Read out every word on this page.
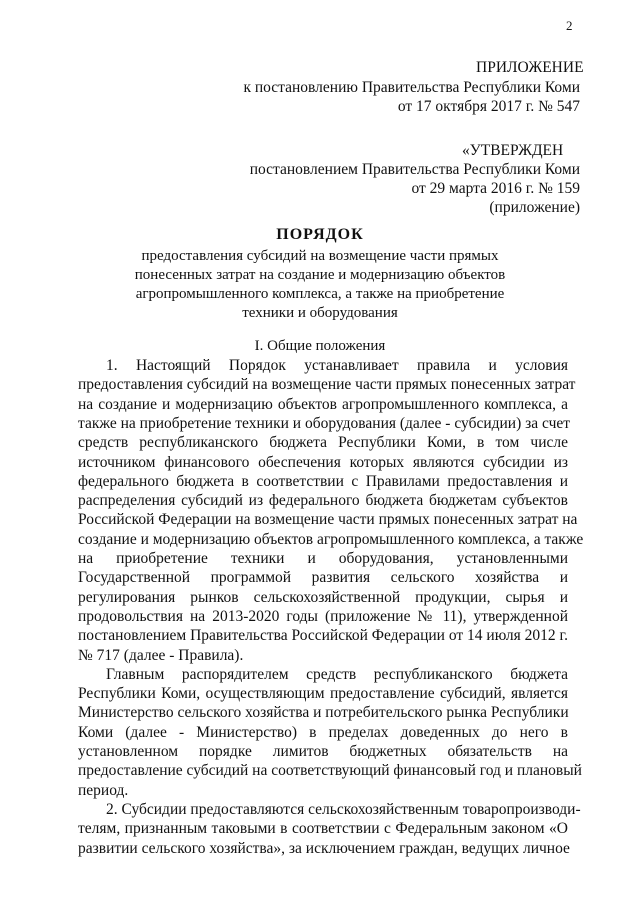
2
ПРИЛОЖЕНИЕ
к постановлению Правительства Республики Коми
от 17 октября 2017 г. № 547
«УТВЕРЖДЕН
постановлением Правительства Республики Коми
от 29 марта 2016 г. № 159
(приложение)
ПОРЯДОК
предоставления субсидий на возмещение части прямых
понесенных затрат на создание и модернизацию объектов
агропромышленного комплекса, а также на приобретение
техники и оборудования
I. Общие положения
1. Настоящий Порядок устанавливает правила и условия
предоставления субсидий на возмещение части прямых понесенных затрат
на создание и модернизацию объектов агропромышленного комплекса, а
также на приобретение техники и оборудования (далее - субсидии) за счет
средств республиканского бюджета Республики Коми, в том числе
источником финансового обеспечения которых являются субсидии из
федерального бюджета в соответствии с Правилами предоставления и
распределения субсидий из федерального бюджета бюджетам субъектов
Российской Федерации на возмещение части прямых понесенных затрат на
создание и модернизацию объектов агропромышленного комплекса, а также
на приобретение техники и оборудования, установленными
Государственной программой развития сельского хозяйства и
регулирования рынков сельскохозяйственной продукции, сырья и
продовольствия на 2013-2020 годы (приложение № 11), утвержденной
постановлением Правительства Российской Федерации от 14 июля 2012 г.
№ 717 (далее - Правила).
Главным распорядителем средств республиканского бюджета
Республики Коми, осуществляющим предоставление субсидий, является
Министерство сельского хозяйства и потребительского рынка Республики
Коми (далее - Министерство) в пределах доведенных до него в
установленном порядке лимитов бюджетных обязательств на
предоставление субсидий на соответствующий финансовый год и плановый
период.
2. Субсидии предоставляются сельскохозяйственным товаропроизводи-
телям, признанным таковыми в соответствии с Федеральным законом «О
развитии сельского хозяйства», за исключением граждан, ведущих личное
